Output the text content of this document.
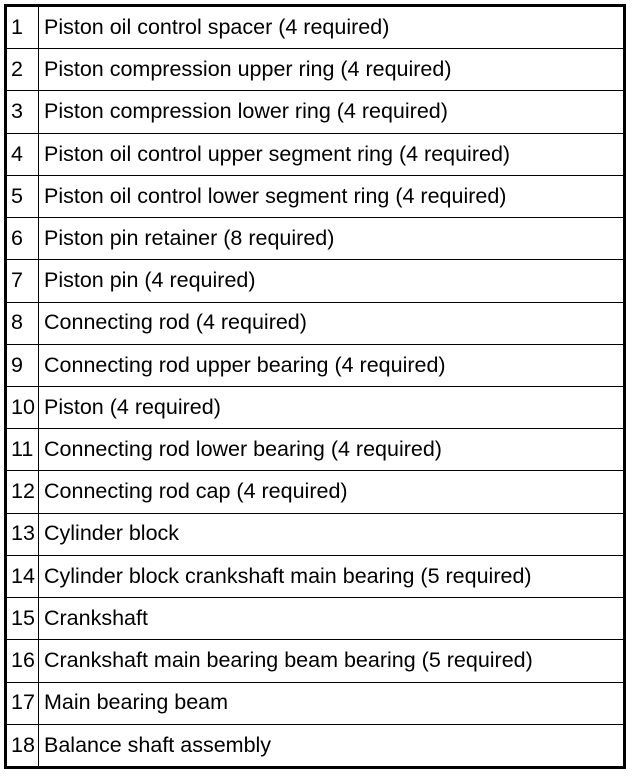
1	Piston oil control spacer (4 required)
2	Piston compression upper ring (4 required)
3	Piston compression lower ring (4 required)
4	Piston oil control upper segment ring (4 required)
5	Piston oil control lower segment ring (4 required)
6	Piston pin retainer (8 required)
7	Piston pin (4 required)
8	Connecting rod (4 required)
9	Connecting rod upper bearing (4 required)
10	Piston (4 required)
11	Connecting rod lower bearing (4 required)
12	Connecting rod cap (4 required)
13	Cylinder block
14	Cylinder block crankshaft main bearing (5 required)
15	Crankshaft
16	Crankshaft main bearing beam bearing (5 required)
17	Main bearing beam
18	Balance shaft assembly
